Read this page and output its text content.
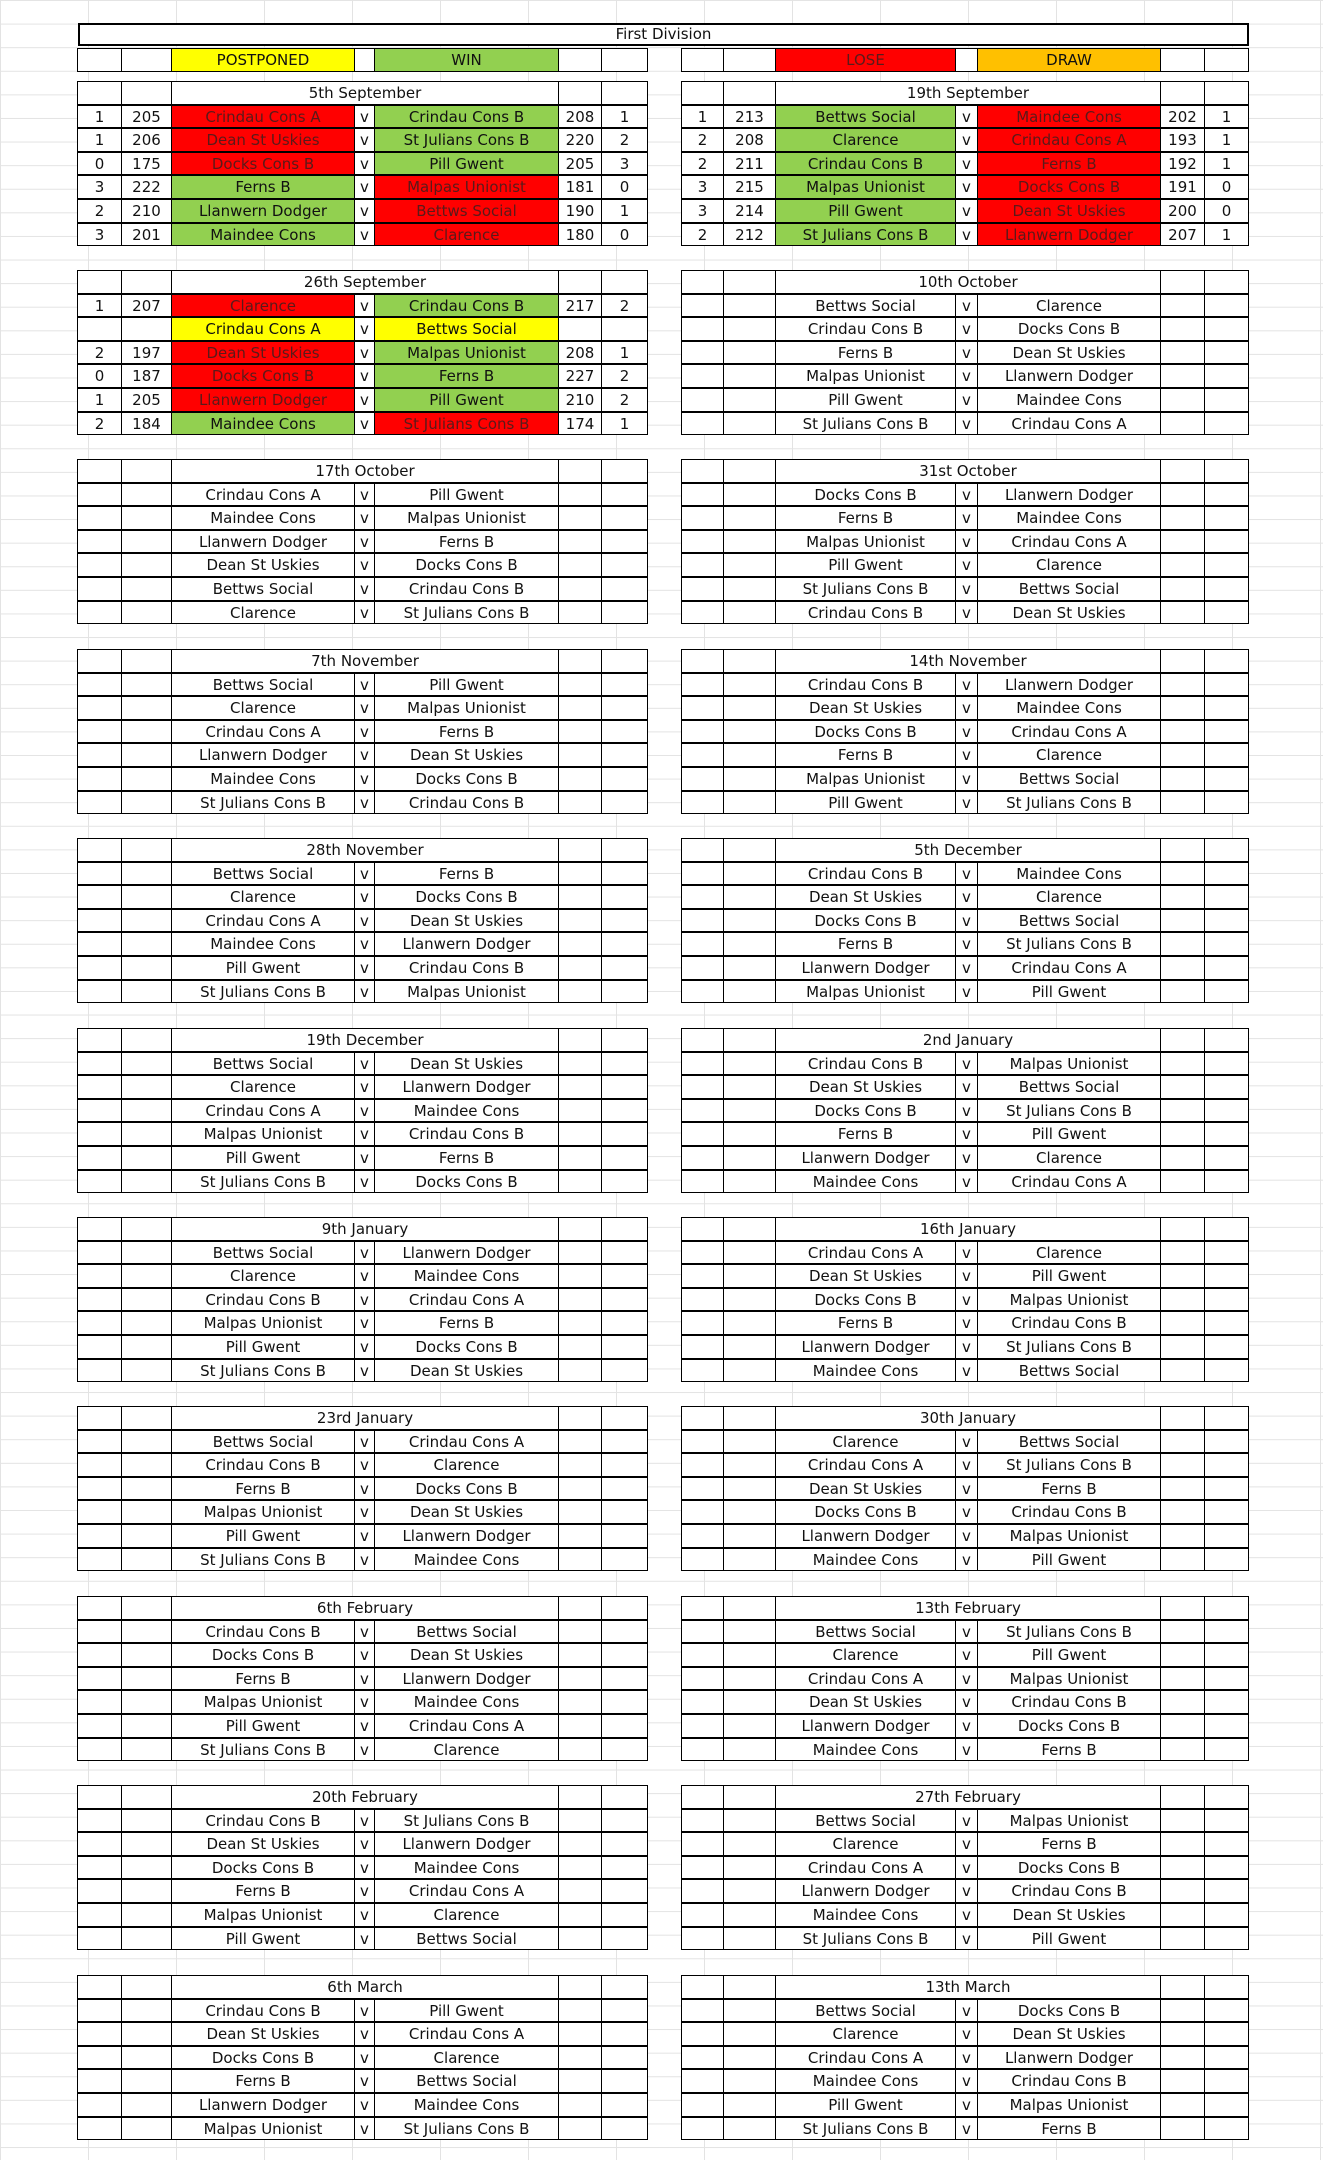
First Division
POSTPONED	WIN	LOSE	DRAW
5th September
1	205	Crindau Cons A	v	Crindau Cons B	208	1
1	206	Dean St Uskies	v	St Julians Cons B	220	2
0	175	Docks Cons B	v	Pill Gwent	205	3
3	222	Ferns B	v	Malpas Unionist	181	0
2	210	Llanwern Dodger	v	Bettws Social	190	1
3	201	Maindee Cons	v	Clarence	180	0
19th September
1	213	Bettws Social	v	Maindee Cons	202	1
2	208	Clarence	v	Crindau Cons A	193	1
2	211	Crindau Cons B	v	Ferns B	192	1
3	215	Malpas Unionist	v	Docks Cons B	191	0
3	214	Pill Gwent	v	Dean St Uskies	200	0
2	212	St Julians Cons B	v	Llanwern Dodger	207	1
26th September
1	207	Clarence	v	Crindau Cons B	217	2
Crindau Cons A	v	Bettws Social
2	197	Dean St Uskies	v	Malpas Unionist	208	1
0	187	Docks Cons B	v	Ferns B	227	2
1	205	Llanwern Dodger	v	Pill Gwent	210	2
2	184	Maindee Cons	v	St Julians Cons B	174	1
10th October
Bettws Social	v	Clarence
Crindau Cons B	v	Docks Cons B
Ferns B	v	Dean St Uskies
Malpas Unionist	v	Llanwern Dodger
Pill Gwent	v	Maindee Cons
St Julians Cons B	v	Crindau Cons A
17th October
Crindau Cons A	v	Pill Gwent
Maindee Cons	v	Malpas Unionist
Llanwern Dodger	v	Ferns B
Dean St Uskies	v	Docks Cons B
Bettws Social	v	Crindau Cons B
Clarence	v	St Julians Cons B
31st October
Docks Cons B	v	Llanwern Dodger
Ferns B	v	Maindee Cons
Malpas Unionist	v	Crindau Cons A
Pill Gwent	v	Clarence
St Julians Cons B	v	Bettws Social
Crindau Cons B	v	Dean St Uskies
7th November
Bettws Social	v	Pill Gwent
Clarence	v	Malpas Unionist
Crindau Cons A	v	Ferns B
Llanwern Dodger	v	Dean St Uskies
Maindee Cons	v	Docks Cons B
St Julians Cons B	v	Crindau Cons B
14th November
Crindau Cons B	v	Llanwern Dodger
Dean St Uskies	v	Maindee Cons
Docks Cons B	v	Crindau Cons A
Ferns B	v	Clarence
Malpas Unionist	v	Bettws Social
Pill Gwent	v	St Julians Cons B
28th November
Bettws Social	v	Ferns B
Clarence	v	Docks Cons B
Crindau Cons A	v	Dean St Uskies
Maindee Cons	v	Llanwern Dodger
Pill Gwent	v	Crindau Cons B
St Julians Cons B	v	Malpas Unionist
5th December
Crindau Cons B	v	Maindee Cons
Dean St Uskies	v	Clarence
Docks Cons B	v	Bettws Social
Ferns B	v	St Julians Cons B
Llanwern Dodger	v	Crindau Cons A
Malpas Unionist	v	Pill Gwent
19th December
Bettws Social	v	Dean St Uskies
Clarence	v	Llanwern Dodger
Crindau Cons A	v	Maindee Cons
Malpas Unionist	v	Crindau Cons B
Pill Gwent	v	Ferns B
St Julians Cons B	v	Docks Cons B
2nd January
Crindau Cons B	v	Malpas Unionist
Dean St Uskies	v	Bettws Social
Docks Cons B	v	St Julians Cons B
Ferns B	v	Pill Gwent
Llanwern Dodger	v	Clarence
Maindee Cons	v	Crindau Cons A
9th January
Bettws Social	v	Llanwern Dodger
Clarence	v	Maindee Cons
Crindau Cons B	v	Crindau Cons A
Malpas Unionist	v	Ferns B
Pill Gwent	v	Docks Cons B
St Julians Cons B	v	Dean St Uskies
16th January
Crindau Cons A	v	Clarence
Dean St Uskies	v	Pill Gwent
Docks Cons B	v	Malpas Unionist
Ferns B	v	Crindau Cons B
Llanwern Dodger	v	St Julians Cons B
Maindee Cons	v	Bettws Social
23rd January
Bettws Social	v	Crindau Cons A
Crindau Cons B	v	Clarence
Ferns B	v	Docks Cons B
Malpas Unionist	v	Dean St Uskies
Pill Gwent	v	Llanwern Dodger
St Julians Cons B	v	Maindee Cons
30th January
Clarence	v	Bettws Social
Crindau Cons A	v	St Julians Cons B
Dean St Uskies	v	Ferns B
Docks Cons B	v	Crindau Cons B
Llanwern Dodger	v	Malpas Unionist
Maindee Cons	v	Pill Gwent
6th February
Crindau Cons B	v	Bettws Social
Docks Cons B	v	Dean St Uskies
Ferns B	v	Llanwern Dodger
Malpas Unionist	v	Maindee Cons
Pill Gwent	v	Crindau Cons A
St Julians Cons B	v	Clarence
13th February
Bettws Social	v	St Julians Cons B
Clarence	v	Pill Gwent
Crindau Cons A	v	Malpas Unionist
Dean St Uskies	v	Crindau Cons B
Llanwern Dodger	v	Docks Cons B
Maindee Cons	v	Ferns B
20th February
Crindau Cons B	v	St Julians Cons B
Dean St Uskies	v	Llanwern Dodger
Docks Cons B	v	Maindee Cons
Ferns B	v	Crindau Cons A
Malpas Unionist	v	Clarence
Pill Gwent	v	Bettws Social
27th February
Bettws Social	v	Malpas Unionist
Clarence	v	Ferns B
Crindau Cons A	v	Docks Cons B
Llanwern Dodger	v	Crindau Cons B
Maindee Cons	v	Dean St Uskies
St Julians Cons B	v	Pill Gwent
6th March
Crindau Cons B	v	Pill Gwent
Dean St Uskies	v	Crindau Cons A
Docks Cons B	v	Clarence
Ferns B	v	Bettws Social
Llanwern Dodger	v	Maindee Cons
Malpas Unionist	v	St Julians Cons B
13th March
Bettws Social	v	Docks Cons B
Clarence	v	Dean St Uskies
Crindau Cons A	v	Llanwern Dodger
Maindee Cons	v	Crindau Cons B
Pill Gwent	v	Malpas Unionist
St Julians Cons B	v	Ferns B
